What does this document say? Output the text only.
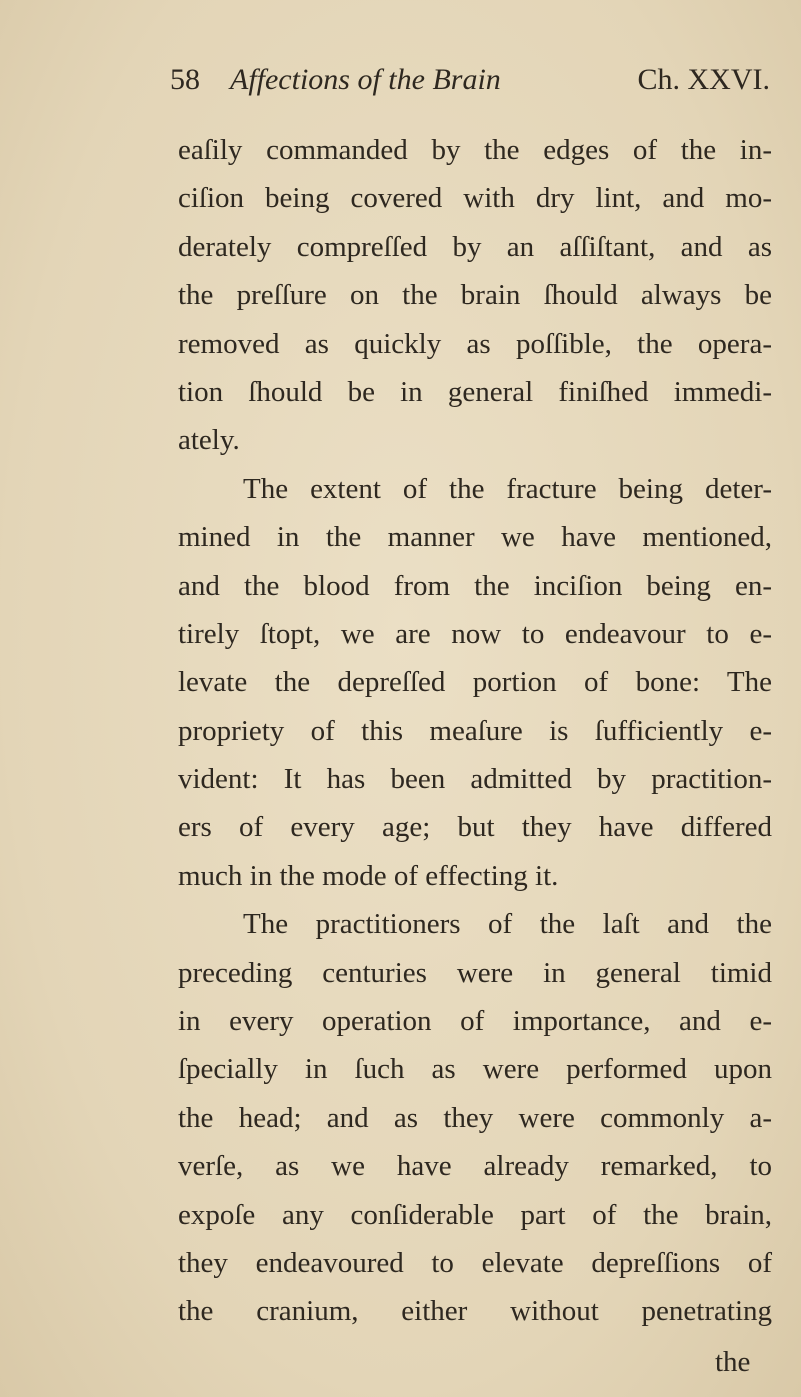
58 Affections of the Brain	Ch. XXVI.
eaſily commanded by the edges of the in-
ciſion being covered with dry lint, and mo-
derately compreſſed by an aſſiſtant, and as
the preſſure on the brain ſhould always be
removed as quickly as poſſible, the opera-
tion ſhould be in general finiſhed immedi-
ately.
The extent of the fracture being deter-
mined in the manner we have mentioned,
and the blood from the inciſion being en-
tirely ſtopt, we are now to endeavour to e-
levate the depreſſed portion of bone: The
propriety of this meaſure is ſufficiently e-
vident: It has been admitted by practition-
ers of every age; but they have differed
much in the mode of effecting it.
The practitioners of the laſt and the
preceding centuries were in general timid
in every operation of importance, and e-
ſpecially in ſuch as were performed upon
the head; and as they were commonly a-
verſe, as we have already remarked, to
expoſe any conſiderable part of the brain,
they endeavoured to elevate depreſſions of
the cranium, either without penetrating
the
